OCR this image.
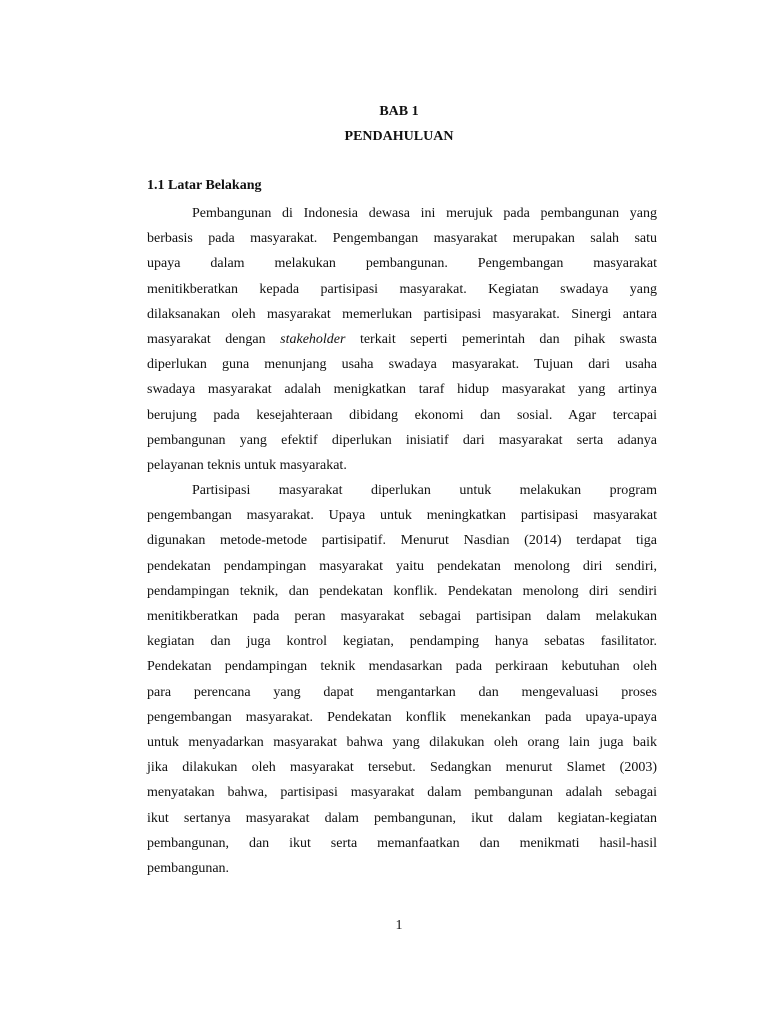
BAB 1

PENDAHULUAN

1.1 Latar Belakang

Pembangunan di Indonesia dewasa ini merujuk pada pembangunan yang
berbasis pada masyarakat. Pengembangan masyarakat merupakan salah satu
upaya dalam melakukan pembangunan. Pengembangan masyarakat
menitikberatkan kepada partisipasi masyarakat. Kegiatan swadaya yang
dilaksanakan oleh masyarakat memerlukan partisipasi masyarakat. Sinergi antara
masyarakat dengan stakeholder terkait seperti pemerintah dan pihak swasta
diperlukan guna menunjang usaha swadaya masyarakat. Tujuan dari usaha
swadaya masyarakat adalah menigkatkan taraf hidup masyarakat yang artinya
berujung pada kesejahteraan dibidang ekonomi dan sosial. Agar tercapai
pembangunan yang efektif diperlukan inisiatif dari masyarakat serta adanya
pelayanan teknis untuk masyarakat.
Partisipasi masyarakat diperlukan untuk melakukan program
pengembangan masyarakat. Upaya untuk meningkatkan partisipasi masyarakat
digunakan metode-metode partisipatif. Menurut Nasdian (2014) terdapat tiga
pendekatan pendampingan masyarakat yaitu pendekatan menolong diri sendiri,
pendampingan teknik, dan pendekatan konflik. Pendekatan menolong diri sendiri
menitikberatkan pada peran masyarakat sebagai partisipan dalam melakukan
kegiatan dan juga kontrol kegiatan, pendamping hanya sebatas fasilitator.
Pendekatan pendampingan teknik mendasarkan pada perkiraan kebutuhan oleh
para perencana yang dapat mengantarkan dan mengevaluasi proses
pengembangan masyarakat. Pendekatan konflik menekankan pada upaya-upaya
untuk menyadarkan masyarakat bahwa yang dilakukan oleh orang lain juga baik
jika dilakukan oleh masyarakat tersebut. Sedangkan menurut Slamet (2003)
menyatakan bahwa, partisipasi masyarakat dalam pembangunan adalah sebagai
ikut sertanya masyarakat dalam pembangunan, ikut dalam kegiatan-kegiatan
pembangunan, dan ikut serta memanfaatkan dan menikmati hasil-hasil
pembangunan.

1
